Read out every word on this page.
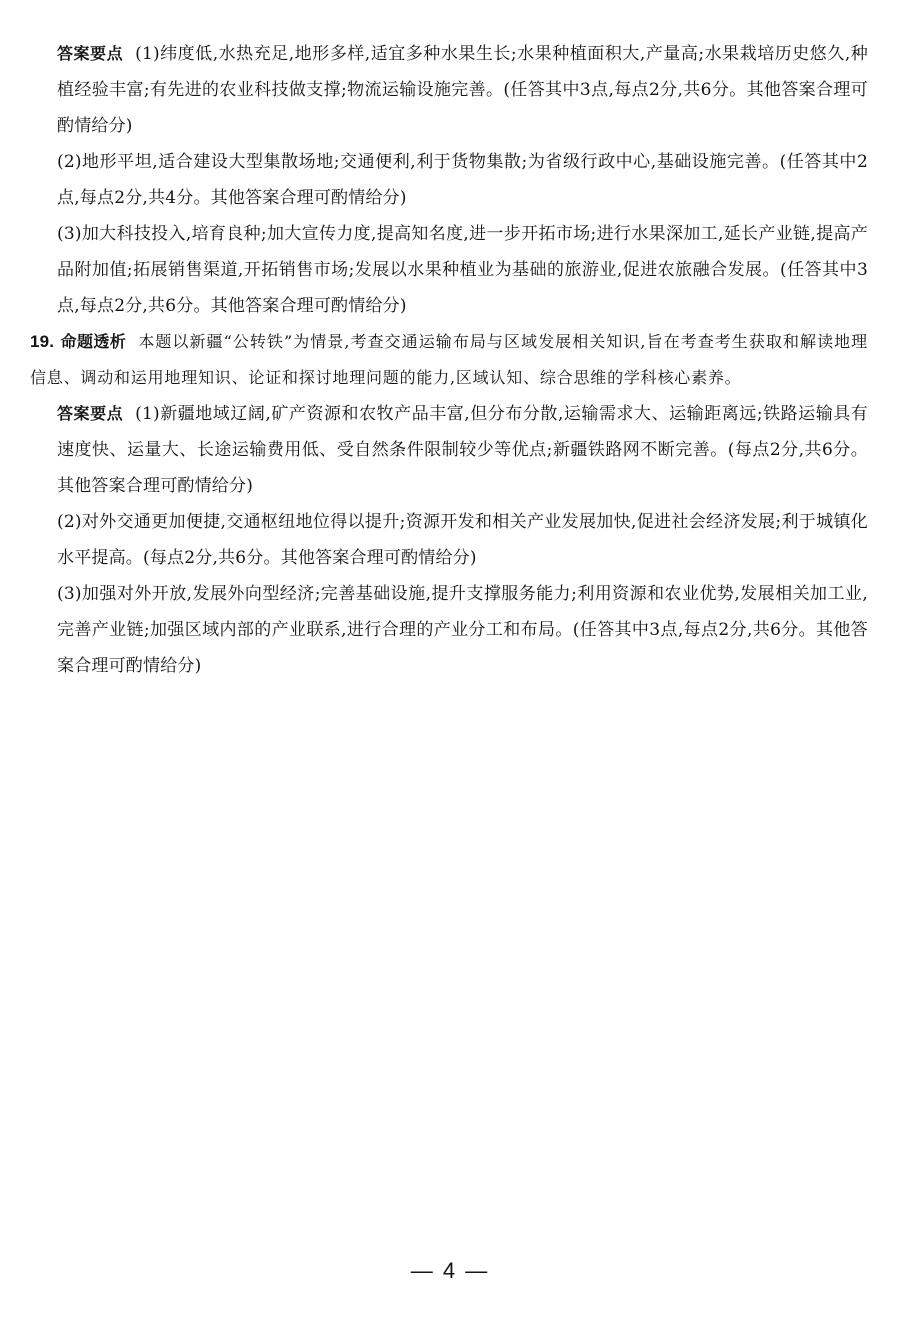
答案要点 (1)纬度低,水热充足,地形多样,适宜多种水果生长;水果种植面积大,产量高;水果栽培历史悠久,种植经验丰富;有先进的农业科技做支撑;物流运输设施完善。(任答其中3点,每点2分,共6分。其他答案合理可酌情给分)

(2)地形平坦,适合建设大型集散场地;交通便利,利于货物集散;为省级行政中心,基础设施完善。(任答其中2点,每点2分,共4分。其他答案合理可酌情给分)

(3)加大科技投入,培育良种;加大宣传力度,提高知名度,进一步开拓市场;进行水果深加工,延长产业链,提高产品附加值;拓展销售渠道,开拓销售市场;发展以水果种植业为基础的旅游业,促进农旅融合发展。(任答其中3点,每点2分,共6分。其他答案合理可酌情给分)

19. 命题透析 本题以新疆“公转铁”为情景,考查交通运输布局与区域发展相关知识,旨在考查考生获取和解读地理信息、调动和运用地理知识、论证和探讨地理问题的能力,区域认知、综合思维的学科核心素养。

答案要点 (1)新疆地域辽阔,矿产资源和农牧产品丰富,但分布分散,运输需求大、运输距离远;铁路运输具有速度快、运量大、长途运输费用低、受自然条件限制较少等优点;新疆铁路网不断完善。(每点2分,共6分。其他答案合理可酌情给分)

(2)对外交通更加便捷,交通枢纽地位得以提升;资源开发和相关产业发展加快,促进社会经济发展;利于城镇化水平提高。(每点2分,共6分。其他答案合理可酌情给分)

(3)加强对外开放,发展外向型经济;完善基础设施,提升支撑服务能力;利用资源和农业优势,发展相关加工业,完善产业链;加强区域内部的产业联系,进行合理的产业分工和布局。(任答其中3点,每点2分,共6分。其他答案合理可酌情给分)

— 4 —
